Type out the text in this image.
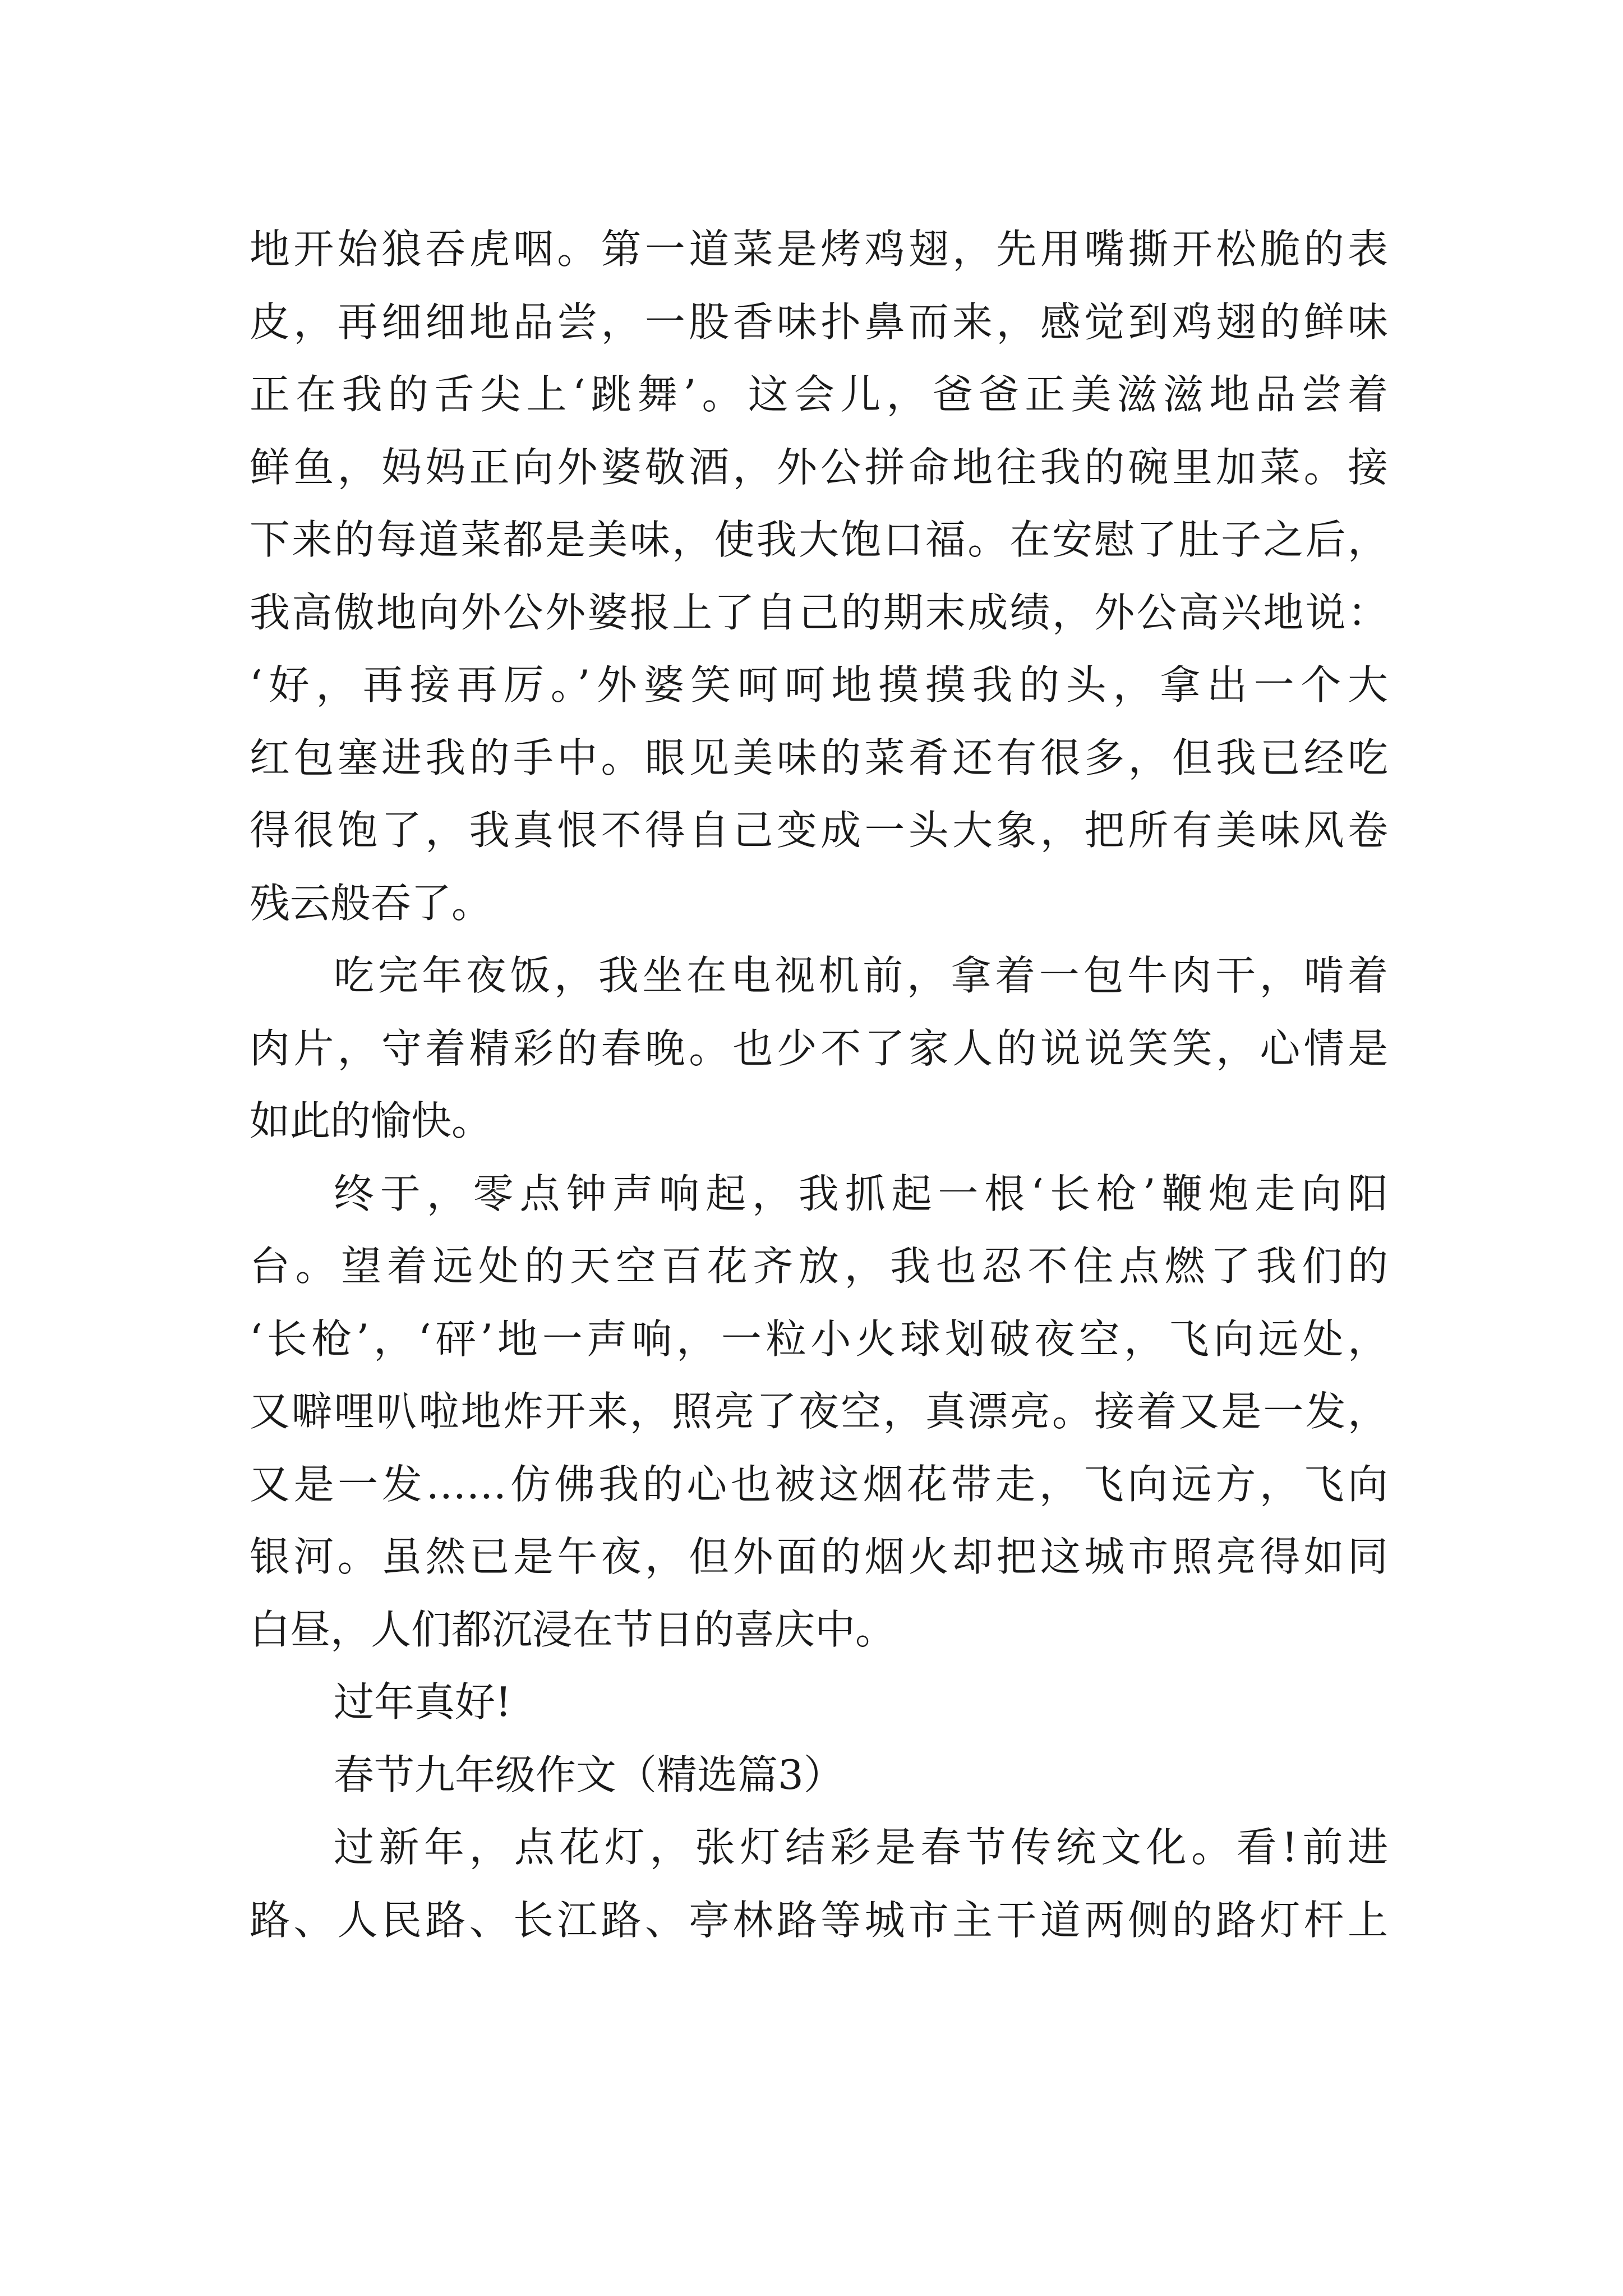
地开始狼吞虎咽。第一道菜是烤鸡翅，先用嘴撕开松脆的表
皮，再细细地品尝，一股香味扑鼻而来，感觉到鸡翅的鲜味
正在我的舌尖上‘跳舞’。这会儿，爸爸正美滋滋地品尝着
鲜鱼，妈妈正向外婆敬酒，外公拼命地往我的碗里加菜。接
下来的每道菜都是美味，使我大饱口福。在安慰了肚子之后，
我高傲地向外公外婆报上了自己的期末成绩，外公高兴地说：
‘好，再接再厉。’外婆笑呵呵地摸摸我的头，拿出一个大
红包塞进我的手中。眼见美味的菜肴还有很多，但我已经吃
得很饱了，我真恨不得自己变成一头大象，把所有美味风卷
残云般吞了。
吃完年夜饭，我坐在电视机前，拿着一包牛肉干，啃着
肉片，守着精彩的春晚。也少不了家人的说说笑笑，心情是
如此的愉快。
终于，零点钟声响起，我抓起一根‘长枪’鞭炮走向阳
台。望着远处的天空百花齐放，我也忍不住点燃了我们的
‘长枪’，‘砰’地一声响，一粒小火球划破夜空，飞向远处，
又噼哩叭啦地炸开来，照亮了夜空，真漂亮。接着又是一发，
又是一发……仿佛我的心也被这烟花带走，飞向远方，飞向
银河。虽然已是午夜，但外面的烟火却把这城市照亮得如同
白昼，人们都沉浸在节日的喜庆中。
过年真好!
春节九年级作文（精选篇3）
过新年，点花灯，张灯结彩是春节传统文化。看!前进
路、人民路、长江路、亭林路等城市主干道两侧的路灯杆上
